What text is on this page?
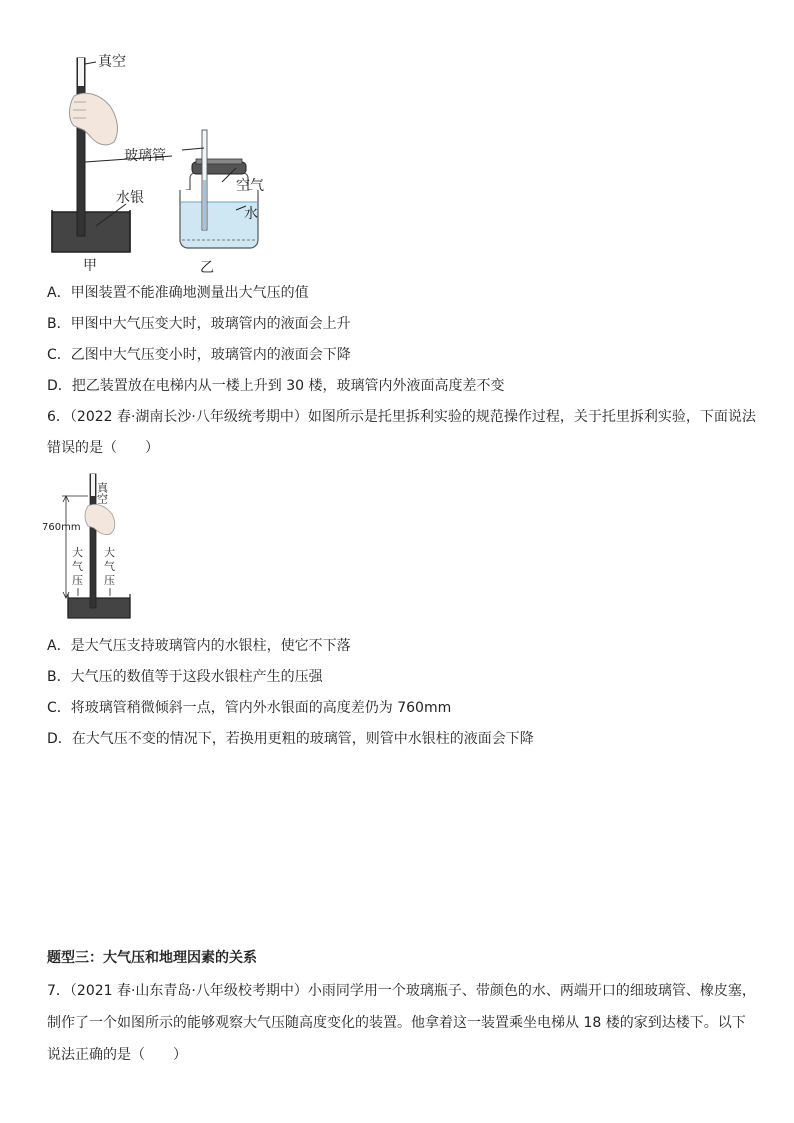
真空
玻璃管
水银
甲
空气
水
乙
A．甲图装置不能准确地测量出大气压的值
B．甲图中大气压变大时，玻璃管内的液面会上升
C．乙图中大气压变小时，玻璃管内的液面会下降
D．把乙装置放在电梯内从一楼上升到 30 楼，玻璃管内外液面高度差不变
6．（2022 春·湖南长沙·八年级统考期中）如图所示是托里拆利实验的规范操作过程，关于托里拆利实验，下面说法
错误的是（　　）
真空
760mm
大
气
压
大
气
压
A．是大气压支持玻璃管内的水银柱，使它不下落
B．大气压的数值等于这段水银柱产生的压强
C．将玻璃管稍微倾斜一点，管内外水银面的高度差仍为 760mm
D．在大气压不变的情况下，若换用更粗的玻璃管，则管中水银柱的液面会下降
题型三：大气压和地理因素的关系
7．（2021 春·山东青岛·八年级校考期中）小雨同学用一个玻璃瓶子、带颜色的水、两端开口的细玻璃管、橡皮塞，
制作了一个如图所示的能够观察大气压随高度变化的装置。他拿着这一装置乘坐电梯从 18 楼的家到达楼下。以下
说法正确的是（　　）
